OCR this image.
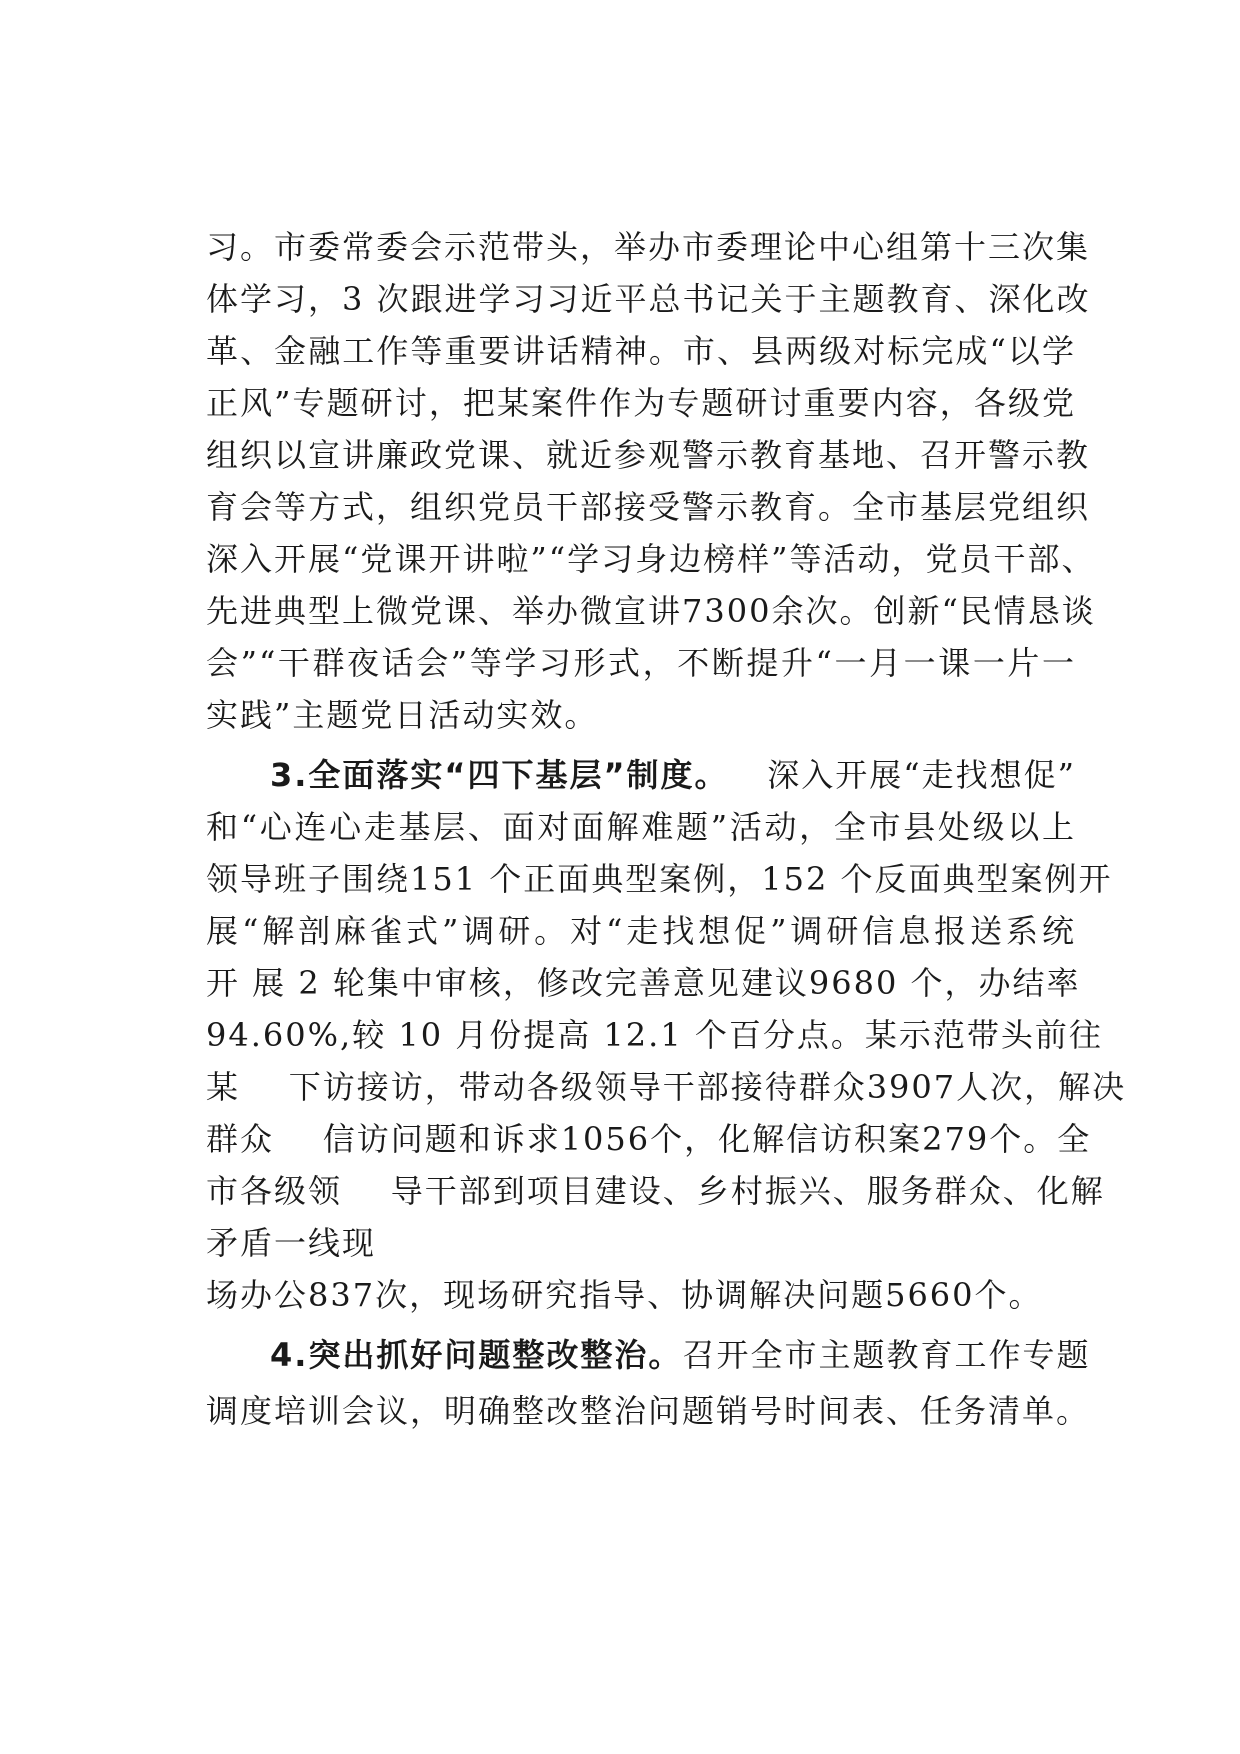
习。市委常委会示范带头，举办市委理论中心组第十三次集
体学习，3 次跟进学习习近平总书记关于主题教育、深化改
革、金融工作等重要讲话精神。市、县两级对标完成“以学
正风”专题研讨，把某案件作为专题研讨重要内容，各级党
组织以宣讲廉政党课、就近参观警示教育基地、召开警示教
育会等方式，组织党员干部接受警示教育。全市基层党组织
深入开展“党课开讲啦”“学习身边榜样”等活动，党员干部、
先进典型上微党课、举办微宣讲7300余次。创新“民情恳谈
会”“干群夜话会”等学习形式，不断提升“一月一课一片一
实践”主题党日活动实效。
3.全面落实“四下基层”制度。 深入开展“走找想促”
和“心连心走基层、面对面解难题”活动，全市县处级以上
领导班子围绕151 个正面典型案例，152 个反面典型案例开
展“解剖麻雀式”调研。对“走找想促”调研信息报送系统
开 展 2 轮集中审核，修改完善意见建议9680 个，办结率
94.60%,较 10 月份提高 12.1 个百分点。某示范带头前往
某    下访接访，带动各级领导干部接待群众3907人次，解决
群众    信访问题和诉求1056个，化解信访积案279个。全
市各级领    导干部到项目建设、乡村振兴、服务群众、化解
矛盾一线现
场办公837次，现场研究指导、协调解决问题5660个。
4.突出抓好问题整改整治。 召开全市主题教育工作专题
调度培训会议，明确整改整治问题销号时间表、任务清单。
